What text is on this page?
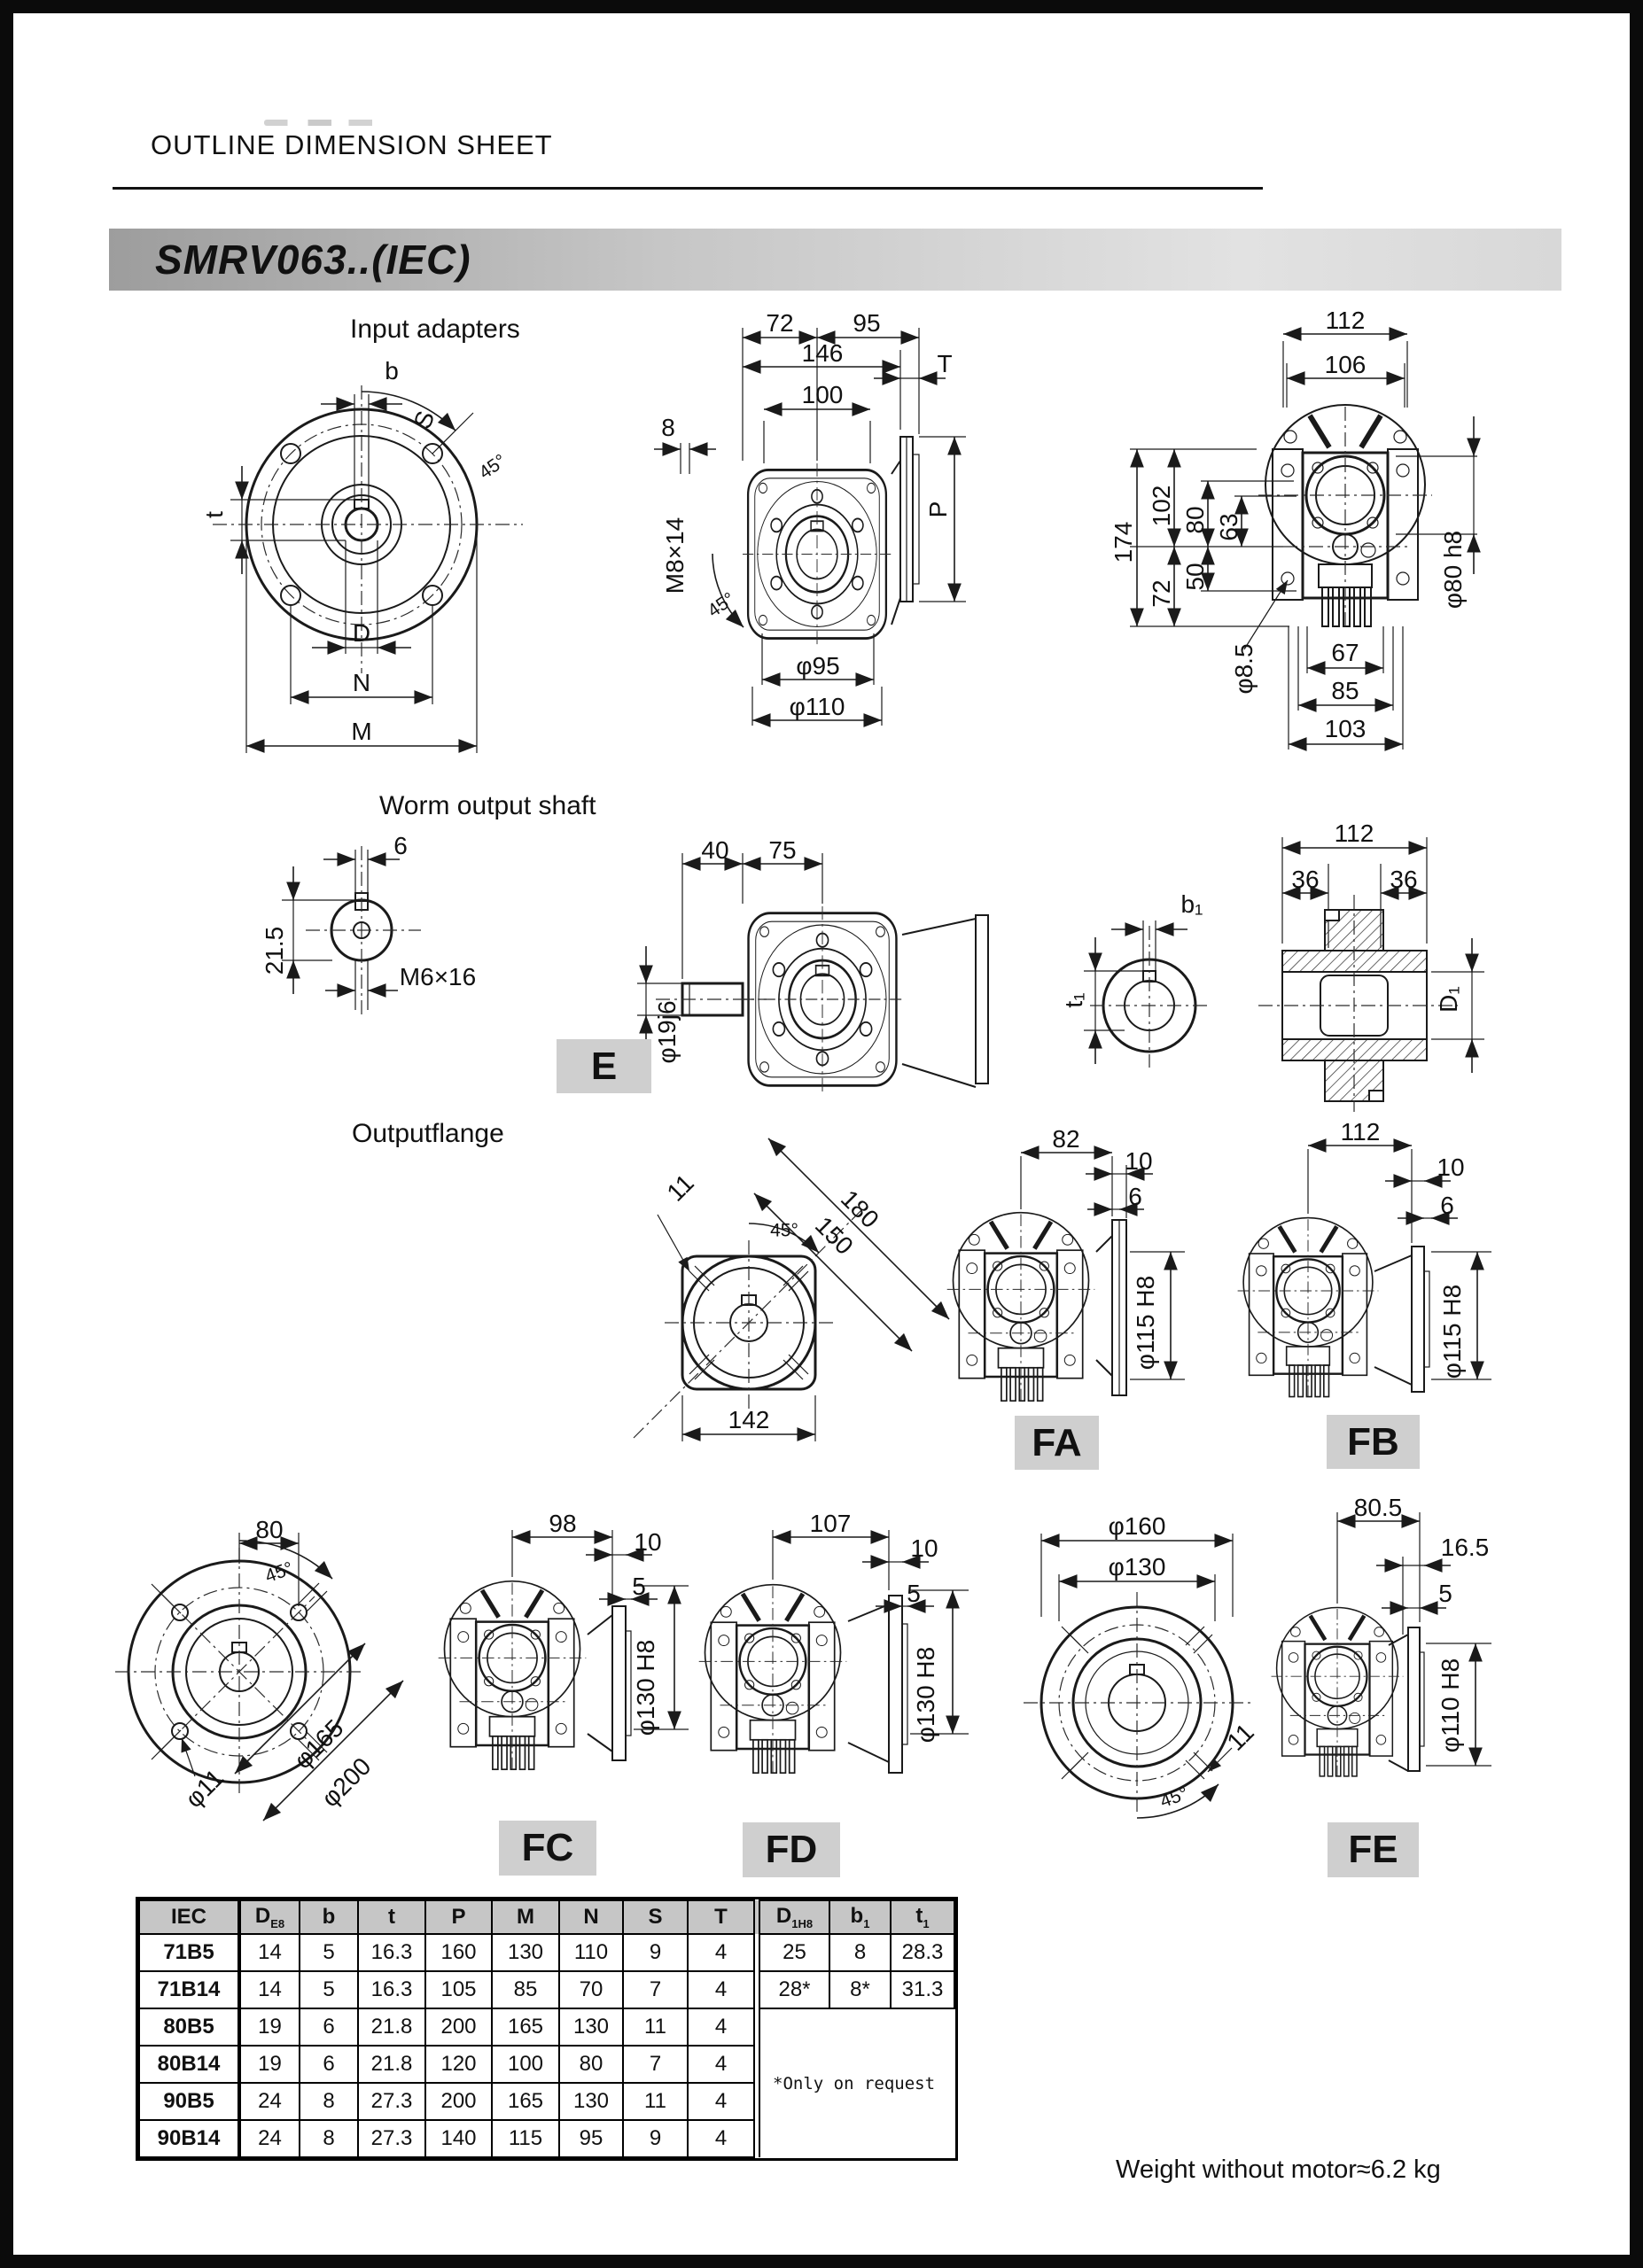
OUTLINE DIMENSION SHEET
SMRV063..(IEC)
Input adapters
Worm output shaft
Outputflange
b
S
45°
t
D
N
M
72 95
146
100
T
P
8
M8×14
45°
φ95
φ110
112
106
174
102 80 63
72
50
φ8.5	67
85
103
φ80 h8
6
21.5
M6×16
40 75
φ19j6
b₁
t₁
112
36	36
D₁
11	180
150
45°
142
82
10
6
φ115 H8
112
10
6
φ115 H8
80
45°
φ11
φ165
φ200
98
10
5
φ130 H8
107
10
5
φ130 H8
φ160
φ130
11
45°
80.5
16.5
5
φ110 H8
E
FA	FB
FC	FD	FE
IEC	$D_{E8}$	b	t	P	M	N	S	T		$D_{1H8}$	$b_1$	$t_1$
71B5	14	5	16.3	160	130	110	9	4		25	8	28.3
71B14	14	5	16.3	105	85	70	7	4		28*	8*	31.3
80B5	19	6	21.8	200	165	130	11	4		*Only on request		
80B14	19	6	21.8	120	100	80	7	4				
90B5	24	8	27.3	200	165	130	11	4				
90B14	24	8	27.3	140	115	95	9	4				
Weight without motor≈6.2 kg
